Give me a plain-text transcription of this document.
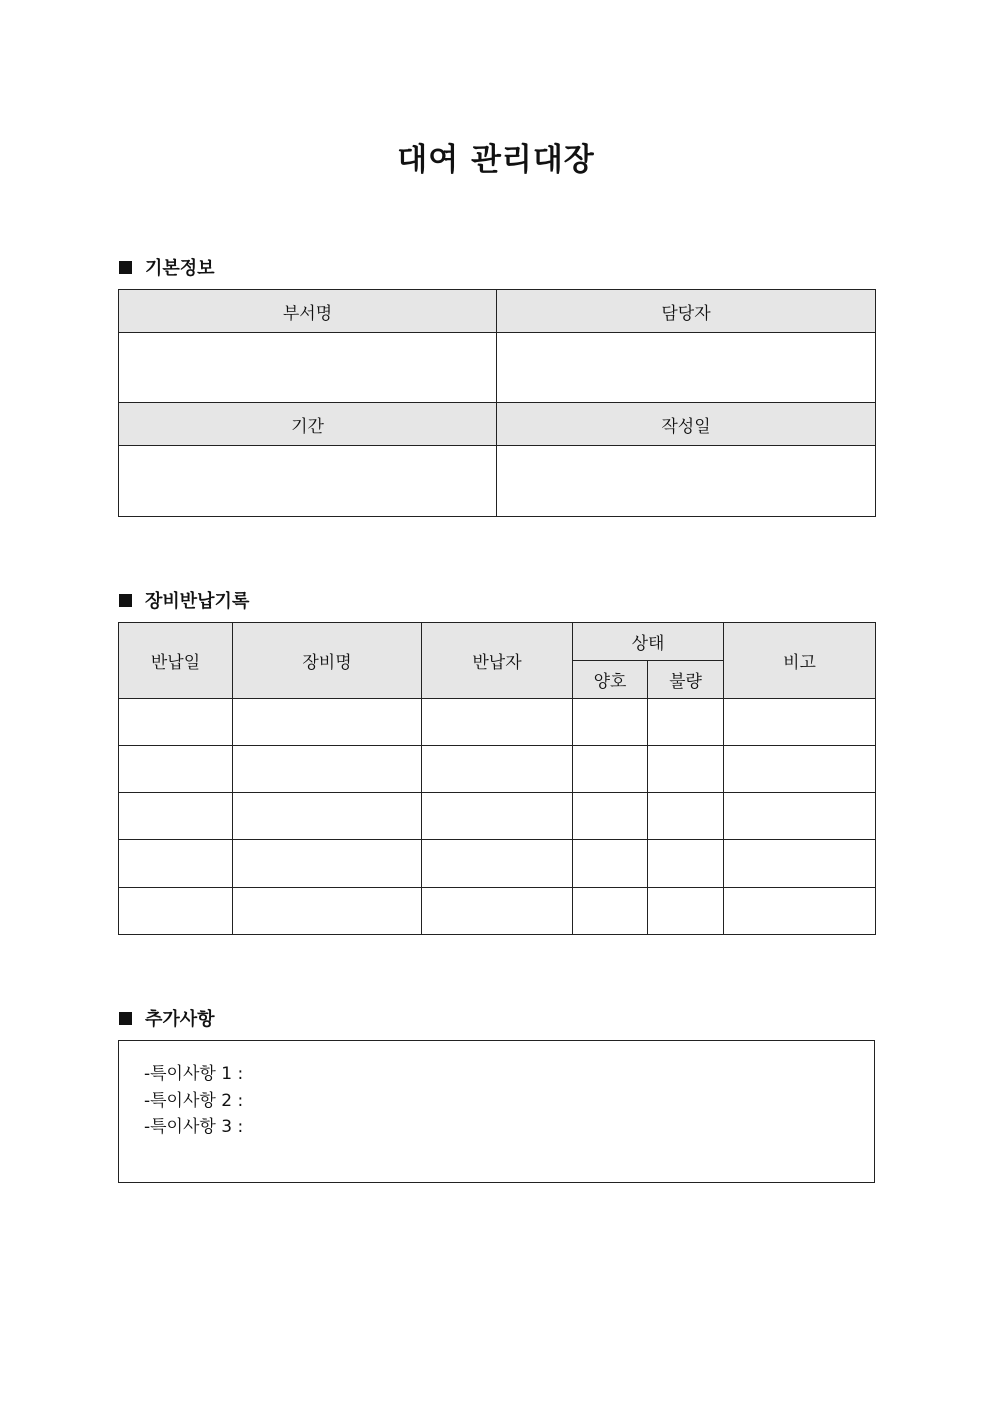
대여 관리대장
기본정보
부서명	담당자

기간	작성일

장비반납기록
반납일	장비명	반납자	상태		비고
			양호	불량	

추가사항
-특이사항 1 :
-특이사항 2 :
-특이사항 3 :
